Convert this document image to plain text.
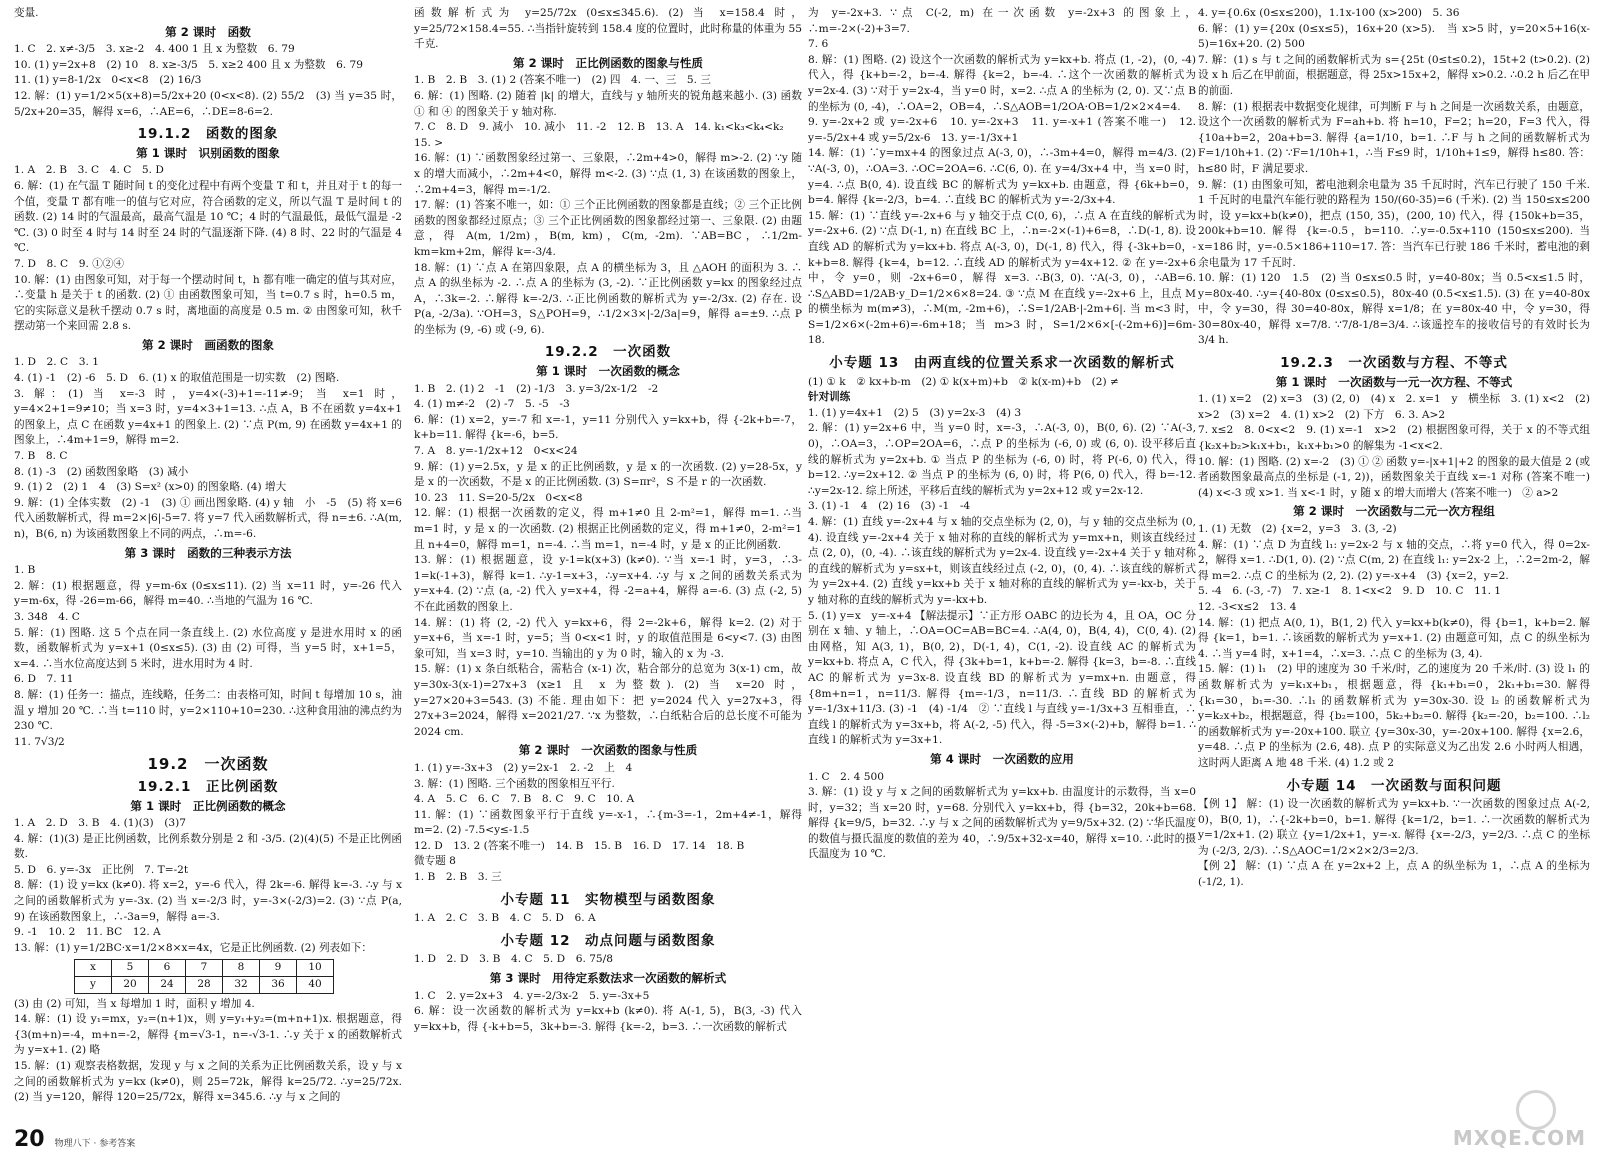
变量.

第 2 课时　函数

1. C　2. x≠-3/5　3. x≥-2　4. 400 1 且 x 为整数　6. 79

10. (1) y=2x+8　(2) 10　8. x≥-3/5　5. x≥2 400 且 x 为整数　6. 79

11. (1) y=8-1/2x　0<x<8　(2) 16/3

12. 解：(1) y=1/2×5(x+8)=5/2x+20 (0<x<8). (2) 55/2　(3) 当 y=35 时，5/2x+20=35，解得 x=6，∴AE=6，∴DE=8-6=2.

19.1.2　函数的图象
第 1 课时　识别函数的图象

1. A　2. B　3. C　4. C　5. D

6. 解：(1) 在气温 T 随时间 t 的变化过程中有两个变量 T 和 t，并且对于 t 的每一个值，变量 T 都有唯一的值与它对应，符合函数的定义，所以气温 T 是时间 t 的函数. (2) 14 时的气温最高，最高气温是 10 ℃；4 时的气温最低，最低气温是 -2 ℃. (3) 0 时至 4 时与 14 时至 24 时的气温逐渐下降. (4) 8 时、22 时的气温是 4 ℃.

7. D　8. C　9. ①②④

10. 解：(1) 由图象可知，对于每一个摆动时间 t，h 都有唯一确定的值与其对应，∴变量 h 是关于 t 的函数. (2) ① 由函数图象可知，当 t=0.7 s 时，h=0.5 m，它的实际意义是秋千摆动 0.7 s 时，离地面的高度是 0.5 m. ② 由图象可知，秋千摆动第一个来回需 2.8 s.

第 2 课时　画函数的图象

1. D　2. C　3. 1

4. (1) -1　(2) -6　5. D　6. (1) x 的取值范围是一切实数　(2) 图略.

3. 解：(1) 当 x=-3 时，y=4×(-3)+1=-11≠-9；当 x=1 时，y=4×2+1=9≠10；当 x=3 时，y=4×3+1=13. ∴点 A，B 不在函数 y=4x+1 的图象上，点 C 在函数 y=4x+1 的图象上. (2) ∵点 P(m, 9) 在函数 y=4x+1 的图象上，∴4m+1=9，解得 m=2.

7. B　8. C

8. (1) -3　(2) 函数图象略　(3) 减小

9. (1) 2　(2) 1　4　(3) S=x² (x>0) 的图象略. (4) 增大

9. 解：(1) 全体实数　(2) -1　(3) ① 画出图象略. (4) y 轴　小　-5　(5) 将 x=6 代入函数解析式，得 m=2×|6|-5=7. 将 y=7 代入函数解析式，得 n=±6. ∴A(m, n)，B(6, n) 为该函数图象上不同的两点，∴m=-6.

第 3 课时　函数的三种表示方法

1. B

2. 解：(1) 根据题意，得 y=m-6x (0≤x≤11). (2) 当 x=11 时，y=-26 代入 y=m-6x，得 -26=m-66，解得 m=40. ∴当地的气温为 16 ℃.

3. 348　4. C

5. 解：(1) 图略. 这 5 个点在同一条直线上. (2) 水位高度 y 是进水用时 x 的函数，函数解析式为 y=x+1 (0≤x≤5). (3) 由 (2) 可得，当 y=5 时，x+1=5，x=4. ∴当水位高度达到 5 米时，进水用时为 4 时.

6. D　7. 11

8. 解：(1) 任务一：描点，连线略，任务二：由表格可知，时间 t 每增加 10 s，油温 y 增加 20 ℃. ∴当 t=110 时，y=2×110+10=230. ∴这种食用油的沸点约为 230 ℃.

11. 7√3/2

19.2　一次函数
19.2.1　正比例函数
第 1 课时　正比例函数的概念

1. A　2. D　3. B　4. (1)(3)　(3)7

4. 解：(1)(3) 是正比例函数，比例系数分别是 2 和 -3/5. (2)(4)(5) 不是正比例函数.

5. D　6. y=-3x　正比例　7. T=-2t

8. 解：(1) 设 y=kx (k≠0). 将 x=2，y=-6 代入，得 2k=-6. 解得 k=-3. ∴y 与 x 之间的函数解析式为 y=-3x. (2) 当 x=-2/3 时，y=-3×(-2/3)=2. (3) ∵点 P(a, 9) 在该函数图象上，∴-3a=9，解得 a=-3.

9. -1　10. 2　11. BC　12. A

13. 解：(1) y=1/2BC·x=1/2×8×x=4x，它是正比例函数. (2) 列表如下：

x	5	6	7	8	9	10
y	20	24	28	32	36	40

(3) 由 (2) 可知，当 x 每增加 1 时，面积 y 增加 4.

14. 解：(1) 设 y₁=mx，y₂=(n+1)x，则 y=y₁+y₂=(m+n+1)x. 根据题意，得 {3(m+n)=-4，m+n=-2，解得 {m=√3-1，n=-√3-1. ∴y 关于 x 的函数解析式为 y=x+1. (2) 略

15. 解：(1) 观察表格数据，发现 y 与 x 之间的关系为正比例函数关系，设 y 与 x 之间的函数解析式为 y=kx (k≠0)，则 25=72k，解得 k=25/72. ∴y=25/72x. (2) 当 y=120，解得 120=25/72x，解得 x=345.6. ∴y 与 x 之间的

函数解析式为 y=25/72x (0≤x≤345.6). (2) 当 x=158.4 时，y=25/72×158.4=55. ∴当指针旋转到 158.4 度的位置时，此时称量的体重为 55 千克.

第 2 课时　正比例函数的图象与性质

1. B　2. B　3. (1) 2 (答案不唯一)　(2) 四　4. 一、三　5. 三

6. 解：(1) 图略. (2) 随着 |k| 的增大，直线与 y 轴所夹的锐角越来越小. (3) 函数 ① 和 ④ 的图象关于 y 轴对称.

7. C　8. D　9. 减小　10. 减小　11. -2　12. B　13. A　14. k₁<k₃<k₄<k₂

15. >

16. 解：(1) ∵函数图象经过第一、三象限，∴2m+4>0，解得 m>-2. (2) ∵y 随 x 的增大而减小，∴2m+4<0，解得 m<-2. (3) ∵点 (1, 3) 在该函数的图象上，∴2m+4=3，解得 m=-1/2.

17. 解：(1) 答案不唯一，如：① 三个正比例函数的图象都是直线；② 三个正比例函数的图象都经过原点；③ 三个正比例函数的图象都经过第一、三象限. (2) 由题意，得 A(m, 1/2m)，B(m, km)，C(m, -2m). ∵AB=BC，∴1/2m-km=km+2m，解得 k=-3/4.

18. 解：(1) ∵点 A 在第四象限，点 A 的横坐标为 3，且 △AOH 的面积为 3. ∴点 A 的纵坐标为 -2. ∴点 A 的坐标为 (3, -2). ∵正比例函数 y=kx 的图象经过点 A，∴3k=-2. ∴解得 k=-2/3. ∴正比例函数的解析式为 y=-2/3x. (2) 存在. 设 P(a, -2/3a). ∵OH=3，S△POH=9，∴1/2×3×|-2/3a|=9，解得 a=±9. ∴点 P 的坐标为 (9, -6) 或 (-9, 6).

19.2.2　一次函数
第 1 课时　一次函数的概念

1. B　2. (1) 2　-1　(2) -1/3　3. y=3/2x-1/2　-2

4. (1) m≠-2　(2) -7　5. -5　-3

6. 解：(1) x=2，y=-7 和 x=-1，y=11 分别代入 y=kx+b，得 {-2k+b=-7，k+b=11. 解得 {k=-6，b=5.

7. A　8. y=-1/2x+12　0<x<24

9. 解：(1) y=2.5x，y 是 x 的正比例函数，y 是 x 的一次函数. (2) y=28-5x，y 是 x 的一次函数，不是 x 的正比例函数. (3) S=πr²，S 不是 r 的一次函数.

10. 23　11. S=20-5/2x　0<x<8

12. 解：(1) 根据一次函数的定义，得 m+1≠0 且 2-m²=1，解得 m=1. ∴当 m=1 时，y 是 x 的一次函数. (2) 根据正比例函数的定义，得 m+1≠0，2-m²=1 且 n+4=0，解得 m=1，n=-4. ∴当 m=1，n=-4 时，y 是 x 的正比例函数.

13. 解：(1) 根据题意，设 y-1=k(x+3) (k≠0). ∵当 x=-1 时，y=3，∴3-1=k(-1+3)，解得 k=1. ∴y-1=x+3，∴y=x+4. ∴y 与 x 之间的函数关系式为 y=x+4. (2) ∵点 (a, -2) 代入 y=x+4，得 -2=a+4，解得 a=-6. (3) 点 (-2, 5) 不在此函数的图象上.

14. 解：(1) 将 (2, -2) 代入 y=kx+6，得 2=-2k+6，解得 k=2. (2) 对于 y=x+6，当 x=-1 时，y=5；当 0<x<1 时，y 的取值范围是 6<y<7. (3) 由图象可知，当 x=3 时，y=10. 当输出的 y 为 0 时，输入的 x 为 -3.

15. 解：(1) x 条白纸粘合，需粘合 (x-1) 次，粘合部分的总宽为 3(x-1) cm，故 y=30x-3(x-1)=27x+3 (x≥1 且 x 为整数). (2) 当 x=20 时，y=27×20+3=543. (3) 不能. 理由如下：把 y=2024 代入 y=27x+3，得 27x+3=2024，解得 x=2021/27. ∵x 为整数，∴白纸粘合后的总长度不可能为 2024 cm.

第 2 课时　一次函数的图象与性质

1. (1) y=-3x+3　(2) y=2x-1　2. -2　上　4

3. 解：(1) 图略. 三个函数的图象相互平行.

4. A　5. C　6. C　7. B　8. C　9. C　10. A

11. 解：(1) ∵函数图象平行于直线 y=-x-1，∴{m-3=-1，2m+4≠-1，解得 m=2. (2) -7.5<y≤-1.5

12. D　13. 2 (答案不唯一)　14. B　15. B　16. D　17. 14　18. B

微专题 8

1. B　2. B　3. 三

小专题 11　实物模型与函数图象

1. A　2. C　3. B　4. C　5. D　6. A

小专题 12　动点问题与函数图象

1. D　2. D　3. B　4. C　5. D　6. 75/8

第 3 课时　用待定系数法求一次函数的解析式

1. C　2. y=2x+3　4. y=-2/3x-2　5. y=-3x+5

6. 解：设一次函数的解析式为 y=kx+b (k≠0). 将 A(-1, 5)，B(3, -3) 代入 y=kx+b，得 {-k+b=5，3k+b=-3. 解得 {k=-2，b=3. ∴一次函数的解析式

为 y=-2x+3. ∵点 C(-2, m) 在一次函数 y=-2x+3 的图象上，∴m=-2×(-2)+3=7.

7. 6

8. 解：(1) 图略. (2) 设这个一次函数的解析式为 y=kx+b. 将点 (1, -2)，(0, -4) 代入，得 {k+b=-2，b=-4. 解得 {k=2，b=-4. ∴这个一次函数的解析式为 y=2x-4. (3) ∵对于 y=2x-4，当 y=0 时，x=2. ∴点 A 的坐标为 (2, 0). 又∵点 B 的坐标为 (0, -4)，∴OA=2，OB=4，∴S△AOB=1/2OA·OB=1/2×2×4=4.

9. y=-2x+2 或 y=-2x+6　10. y=-2x+3　11. y=-x+1 (答案不唯一)　12. y=-5/2x+4 或 y=5/2x-6　13. y=-1/3x+1

14. 解：(1) ∵y=mx+4 的图象过点 A(-3, 0)，∴-3m+4=0，解得 m=4/3. (2) ∵A(-3, 0)，∴OA=3. ∴OC=2OA=6. ∴C(6, 0). 在 y=4/3x+4 中，当 x=0 时，y=4. ∴点 B(0, 4). 设直线 BC 的解析式为 y=kx+b. 由题意，得 {6k+b=0，b=4. 解得 {k=-2/3，b=4. ∴直线 BC 的解析式为 y=-2/3x+4.

15. 解：(1) ∵直线 y=-2x+6 与 y 轴交于点 C(0, 6)，∴点 A 在直线的解析式为 y=-2x+6. (2) ∵点 D(-1, n) 在直线 BC 上，∴n=-2×(-1)+6=8，∴D(-1, 8). 设直线 AD 的解析式为 y=kx+b. 将点 A(-3, 0)，D(-1, 8) 代入，得 {-3k+b=0，-k+b=8. 解得 {k=4，b=12. ∴直线 AD 的解析式为 y=4x+12. ② 在 y=-2x+6 中，令 y=0，则 -2x+6=0，解得 x=3. ∴B(3, 0). ∵A(-3, 0)，∴AB=6. ∴S△ABD=1/2AB·y_D=1/2×6×8=24. ③ ∵点 M 在直线 y=-2x+6 上，且点 M 的横坐标为 m(m≠3)，∴M(m, -2m+6)，∴S=1/2AB·|-2m+6|. 当 m<3 时，S=1/2×6×(-2m+6)=-6m+18；当 m>3 时，S=1/2×6×[-(-2m+6)]=6m-18.

小专题 13　由两直线的位置关系求一次函数的解析式

(1) ① k　② kx+b-m　(2) ① k(x+m)+b　② k(x-m)+b　(2) ≠

针对训练

1. (1) y=4x+1　(2) 5　(3) y=2x-3　(4) 3

2. 解：(1) y=2x+6 中，当 y=0 时，x=-3，∴A(-3, 0)，B(0, 6). (2) ∵A(-3, 0)，∴OA=3，∴OP=2OA=6，∴点 P 的坐标为 (-6, 0) 或 (6, 0). 设平移后直线的解析式为 y=2x+b. ① 当点 P 的坐标为 (-6, 0) 时，将 P(-6, 0) 代入，得 b=12. ∴y=2x+12. ② 当点 P 的坐标为 (6, 0) 时，将 P(6, 0) 代入，得 b=-12. ∴y=2x-12. 综上所述，平移后直线的解析式为 y=2x+12 或 y=2x-12.

3. (1) -1　4　(2) 16　(3) -1　-4

4. 解：(1) 直线 y=-2x+4 与 x 轴的交点坐标为 (2, 0)，与 y 轴的交点坐标为 (0, 4). 设直线 y=-2x+4 关于 x 轴对称的直线的解析式为 y=mx+n，则该直线经过点 (2, 0)，(0, -4). ∴该直线的解析式为 y=2x-4. 设直线 y=-2x+4 关于 y 轴对称的直线的解析式为 y=sx+t，则该直线经过点 (-2, 0)，(0, 4). ∴该直线的解析式为 y=2x+4. (2) 直线 y=kx+b 关于 x 轴对称的直线的解析式为 y=-kx-b，关于 y 轴对称的直线的解析式为 y=-kx+b.

5. (1) y=x　y=-x+4 【解法提示】∵正方形 OABC 的边长为 4，且 OA，OC 分别在 x 轴、y 轴上，∴OA=OC=AB=BC=4. ∴A(4, 0)，B(4, 4)，C(0, 4). (2) 由网格，知 A(3, 1)，B(0, 2)，D(-1, 4)，C(1, -2). 设直线 AC 的解析式为 y=kx+b. 将点 A，C 代入，得 {3k+b=1，k+b=-2. 解得 {k=3，b=-8. ∴直线 AC 的解析式为 y=3x-8. 设直线 BD 的解析式为 y=mx+n. 由题意，得 {8m+n=1，n=11/3. 解得 {m=-1/3，n=11/3. ∴直线 BD 的解析式为 y=-1/3x+11/3. (3) -1　(4) -1/4　② ∵直线 l 与直线 y=-1/3x+3 互相垂直，∴直线 l 的解析式为 y=3x+b，将 A(-2, -5) 代入，得 -5=3×(-2)+b，解得 b=1. ∴直线 l 的解析式为 y=3x+1.

第 4 课时　一次函数的应用

1. C　2. 4 500

3. 解：(1) 设 y 与 x 之间的函数解析式为 y=kx+b. 由温度计的示数得，当 x=0 时，y=32；当 x=20 时，y=68. 分别代入 y=kx+b，得 {b=32，20k+b=68. 解得 {k=9/5，b=32. ∴y 与 x 之间的函数解析式为 y=9/5x+32. (2) ∵华氏温度的数值与摄氏温度的数值的差为 40，∴9/5x+32-x=40，解得 x=10. ∴此时的摄氏温度为 10 ℃.

4. y={0.6x (0≤x≤200)，1.1x-100 (x>200)　5. 36

6. 解：(1) y={20x (0≤x≤5)，16x+20 (x>5).　当 x>5 时，y=20×5+16(x-5)=16x+20. (2) 500

7. 解：(1) s 与 t 之间的函数解析式为 s={25t (0≤t≤0.2)，15t+2 (t>0.2). (2) 设 x h 后乙在甲前面，根据题意，得 25x>15x+2，解得 x>0.2. ∴0.2 h 后乙在甲的前面.

8. 解：(1) 根据表中数据变化规律，可判断 F 与 h 之间是一次函数关系，由题意，设这个一次函数的解析式为 F=ah+b. 将 h=10，F=2；h=20，F=3 代入，得 {10a+b=2，20a+b=3. 解得 {a=1/10，b=1. ∴F 与 h 之间的函数解析式为 F=1/10h+1. (2) ∵F=1/10h+1，∴当 F≤9 时，1/10h+1≤9，解得 h≤80. 答：h≤80 时，F 满足要求.

9. 解：(1) 由图象可知，蓄电池剩余电量为 35 千瓦时时，汽车已行驶了 150 千米. 1 千瓦时的电量汽车能行驶的路程为 150/(60-35)=6 (千米). (2) 当 150≤x≤200 时，设 y=kx+b(k≠0)，把点 (150, 35)，(200, 10) 代入，得 {150k+b=35，200k+b=10. 解得 {k=-0.5，b=110. ∴y=-0.5x+110 (150≤x≤200). 当 x=186 时，y=-0.5×186+110=17. 答：当汽车已行驶 186 千米时，蓄电池的剩余电量为 17 千瓦时.

10. 解：(1) 120　1.5　(2) 当 0≤x≤0.5 时，y=40-80x；当 0.5<x≤1.5 时，y=80x-40. ∴y={40-80x (0≤x≤0.5)，80x-40 (0.5<x≤1.5). (3) 在 y=40-80x 中，令 y=30，得 30=40-80x，解得 x=1/8；在 y=80x-40 中，令 y=30，得 30=80x-40，解得 x=7/8. ∵7/8-1/8=3/4. ∴该遥控车的接收信号的有效时长为 3/4 h.

19.2.3　一次函数与方程、不等式
第 1 课时　一次函数与一元一次方程、不等式

1. (1) x=2　(2) x=3　(3) (2, 0)　(4) x　2. x=1　y　横坐标　3. (1) x<2　(2) x>2　(3) x=2　4. (1) x>2　(2) 下方　6. 3. A>2

7. x≤2　8. 0<x<2　9. (1) x=-1　x>2　(2) 根据图象可得，关于 x 的不等式组 {k₂x+b₂>k₁x+b₁，k₁x+b₁>0 的解集为 -1<x<2.

10. 解：(1) 图略. (2) x=-2　(3) ① ② 函数 y=-|x+1|+2 的图象的最大值是 2 (或者函数图象最高点的坐标是 (-1, 2))，函数图象关于直线 x=-1 对称 (答案不唯一) (4) x<-3 或 x>1. 当 x<-1 时，y 随 x 的增大而增大 (答案不唯一)　② a>2

第 2 课时　一次函数与二元一次方程组

1. (1) 无数　(2) {x=2，y=3　3. (3, -2)

4. 解：(1) ∵点 D 为直线 l₁: y=2x-2 与 x 轴的交点，∴将 y=0 代入，得 0=2x-2，解得 x=1. ∴D(1, 0). (2) ∵点 C(m, 2) 在直线 l₁: y=2x-2 上，∴2=2m-2，解得 m=2. ∴点 C 的坐标为 (2, 2). (2) y=-x+4　(3) {x=2，y=2.

5. -4　6. (-3, -7)　7. x≥-1　8. 1<x<2　9. D　10. C　11. 1

12. -3<x≤2　13. 4

14. 解：(1) 把点 A(0, 1)，B(1, 2) 代入 y=kx+b(k≠0)，得 {b=1，k+b=2. 解得 {k=1，b=1. ∴该函数的解析式为 y=x+1. (2) 由题意可知，点 C 的纵坐标为 4. ∴当 y=4 时，x+1=4，∴x=3. ∴点 C 的坐标为 (3, 4).

15. 解：(1) l₁　(2) 甲的速度为 30 千米/时，乙的速度为 20 千米/时. (3) 设 l₁ 的函数解析式为 y=k₁x+b₁，根据题意，得 {k₁+b₁=0，2k₁+b₁=30. 解得 {k₁=30，b₁=-30. ∴l₁ 的函数解析式为 y=30x-30. 设 l₂ 的函数解析式为 y=k₂x+b₂，根据题意，得 {b₂=100，5k₂+b₂=0. 解得 {k₂=-20，b₂=100. ∴l₂ 的函数解析式为 y=-20x+100. 联立 {y=30x-30，y=-20x+100. 解得 {x=2.6，y=48. ∴点 P 的坐标为 (2.6, 48). 点 P 的实际意义为乙出发 2.6 小时两人相遇，这时两人距离 A 地 48 千米. (4) 1.2 或 2

小专题 14　一次函数与面积问题

【例 1】 解：(1) 设一次函数的解析式为 y=kx+b. ∵一次函数的图象过点 A(-2, 0)，B(0, 1)，∴{-2k+b=0，b=1. 解得 {k=1/2，b=1. ∴一次函数的解析式为 y=1/2x+1. (2) 联立 {y=1/2x+1，y=-x. 解得 {x=-2/3，y=2/3. ∴点 C 的坐标为 (-2/3, 2/3). ∴S△AOC=1/2×2×2/3=2/3.

【例 2】 解：(1) ∵点 A 在 y=2x+2 上，点 A 的纵坐标为 1，∴点 A 的坐标为 (-1/2, 1).

20 物理八下 · 参考答案	MXQE.COM
